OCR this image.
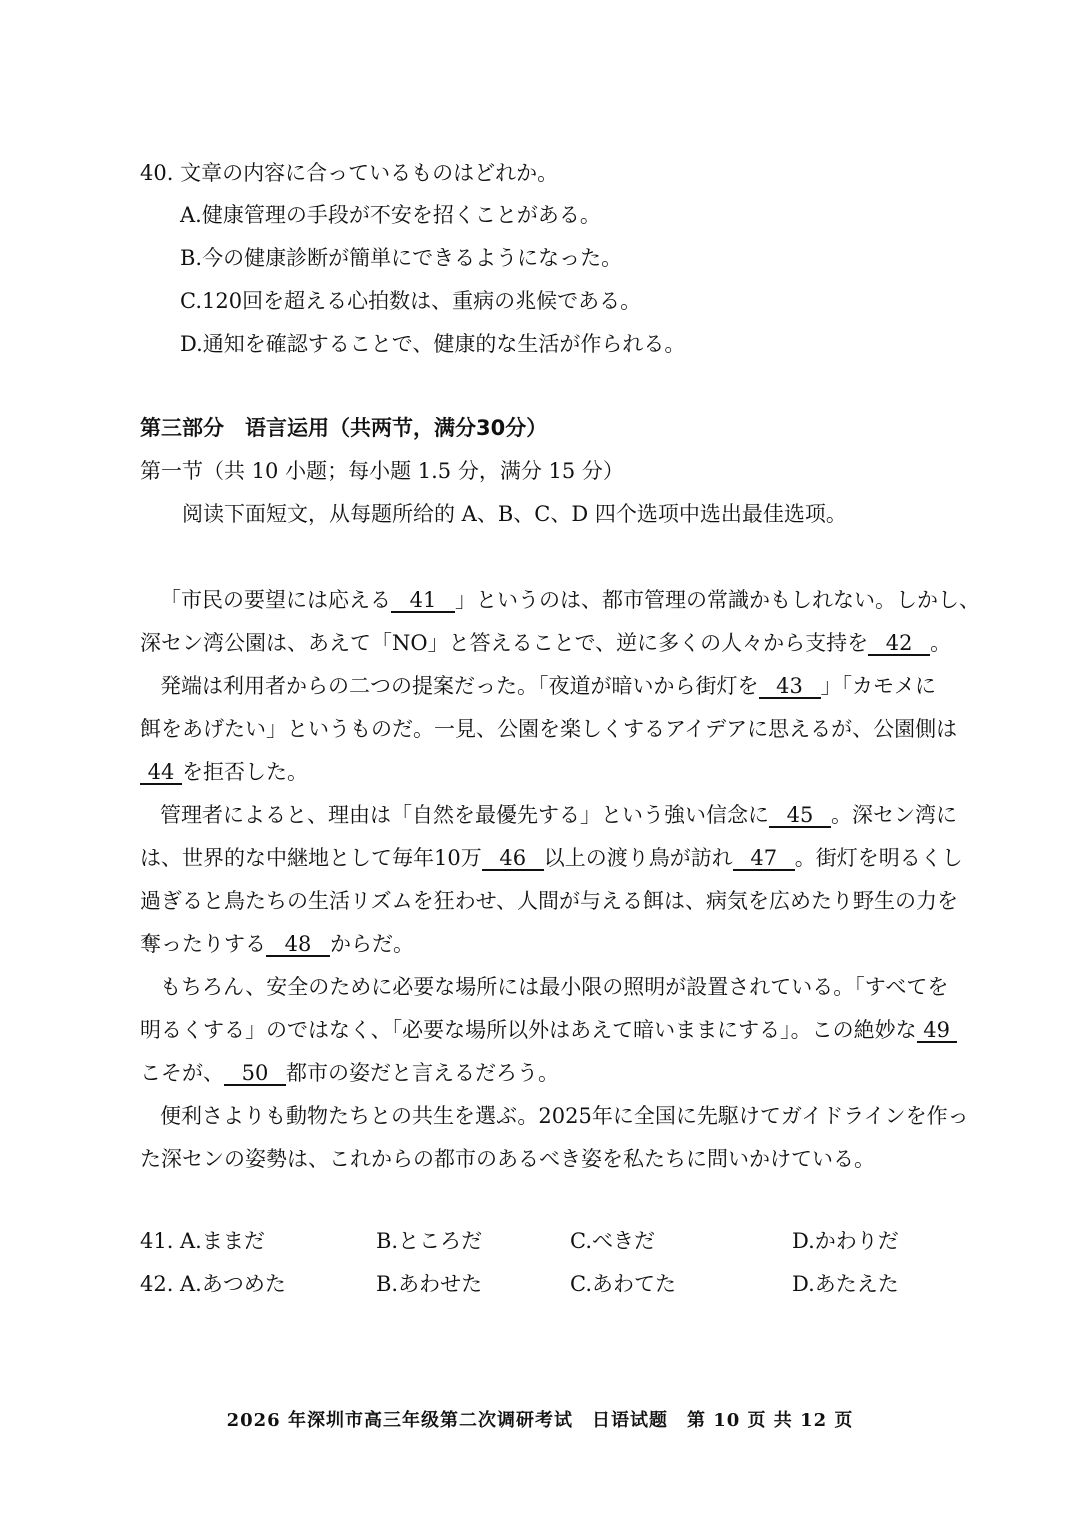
40. 文章の内容に合っているものはどれか。
A.健康管理の手段が不安を招くことがある。
B.今の健康診断が簡単にできるようになった。
C.120回を超える心拍数は、重病の兆候である。
D.通知を確認することで、健康的な生活が作られる。
第三部分　语言运用（共两节，满分30分）
第一节（共 10 小题；每小题 1.5 分，满分 15 分）
阅读下面短文，从每题所给的 A、B、C、D 四个选项中选出最佳选项。
「市民の要望には応える 41 」というのは、都市管理の常識かもしれない。しかし、
深セン湾公園は、あえて「NO」と答えることで、逆に多くの人々から支持を 42 。
発端は利用者からの二つの提案だった。「夜道が暗いから街灯を 43 」「カモメに
餌をあげたい」というものだ。一見、公園を楽しくするアイデアに思えるが、公園側は
44 を拒否した。
管理者によると、理由は「自然を最優先する」という強い信念に 45 。深セン湾に
は、世界的な中継地として毎年10万 46 以上の渡り鳥が訪れ 47 。街灯を明るくし
過ぎると鳥たちの生活リズムを狂わせ、人間が与える餌は、病気を広めたり野生の力を
奪ったりする 48 からだ。
もちろん、安全のために必要な場所には最小限の照明が設置されている。「すべてを
明るくする」のではなく、「必要な場所以外はあえて暗いままにする」。この絶妙な 49
こそが、 50 都市の姿だと言えるだろう。
便利さよりも動物たちとの共生を選ぶ。2025年に全国に先駆けてガイドラインを作っ
た深センの姿勢は、これからの都市のあるべき姿を私たちに問いかけている。
41. A.ままだ	B.ところだ	C.べきだ	D.かわりだ
42. A.あつめた	B.あわせた	C.あわてた	D.あたえた
2026 年深圳市高三年级第二次调研考试　日语试题　第 10 页 共 12 页
